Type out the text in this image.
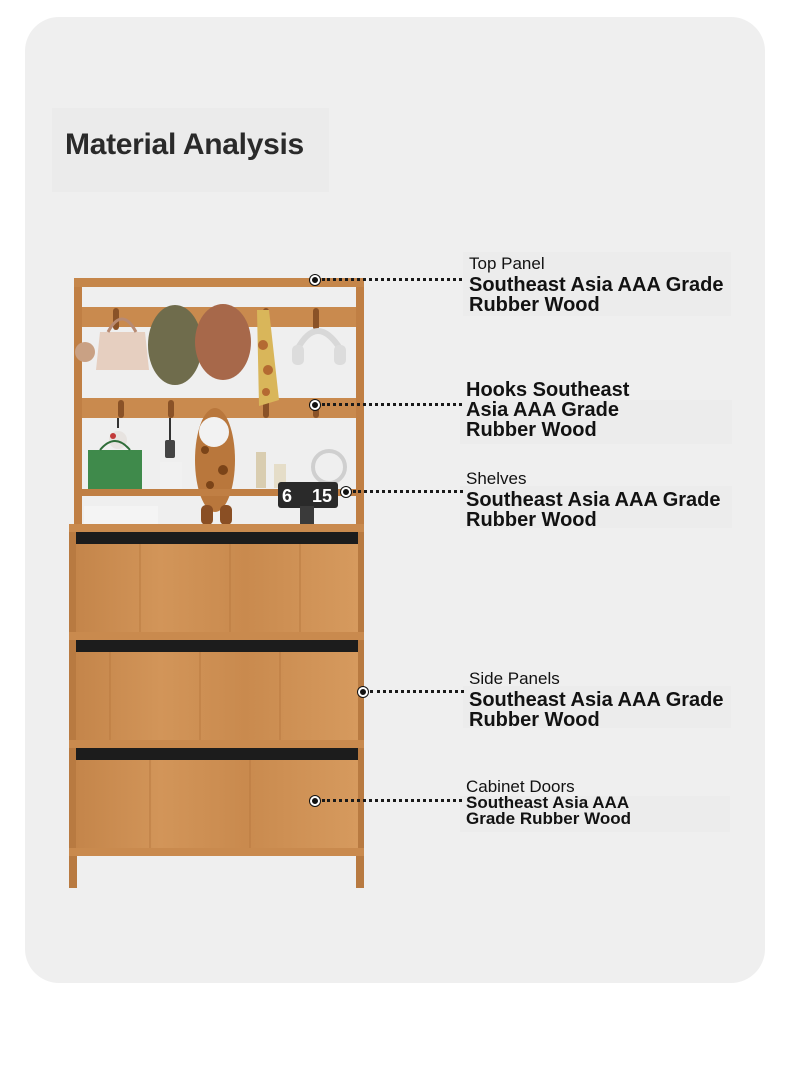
Material Analysis
6 15
Top Panel
Southeast Asia AAA Grade
Rubber Wood
Hooks Southeast
Asia AAA Grade
Rubber Wood
Shelves
Southeast Asia AAA Grade
Rubber Wood
Side Panels
Southeast Asia AAA Grade
Rubber Wood
Cabinet Doors
Southeast Asia AAA
Grade Rubber Wood
